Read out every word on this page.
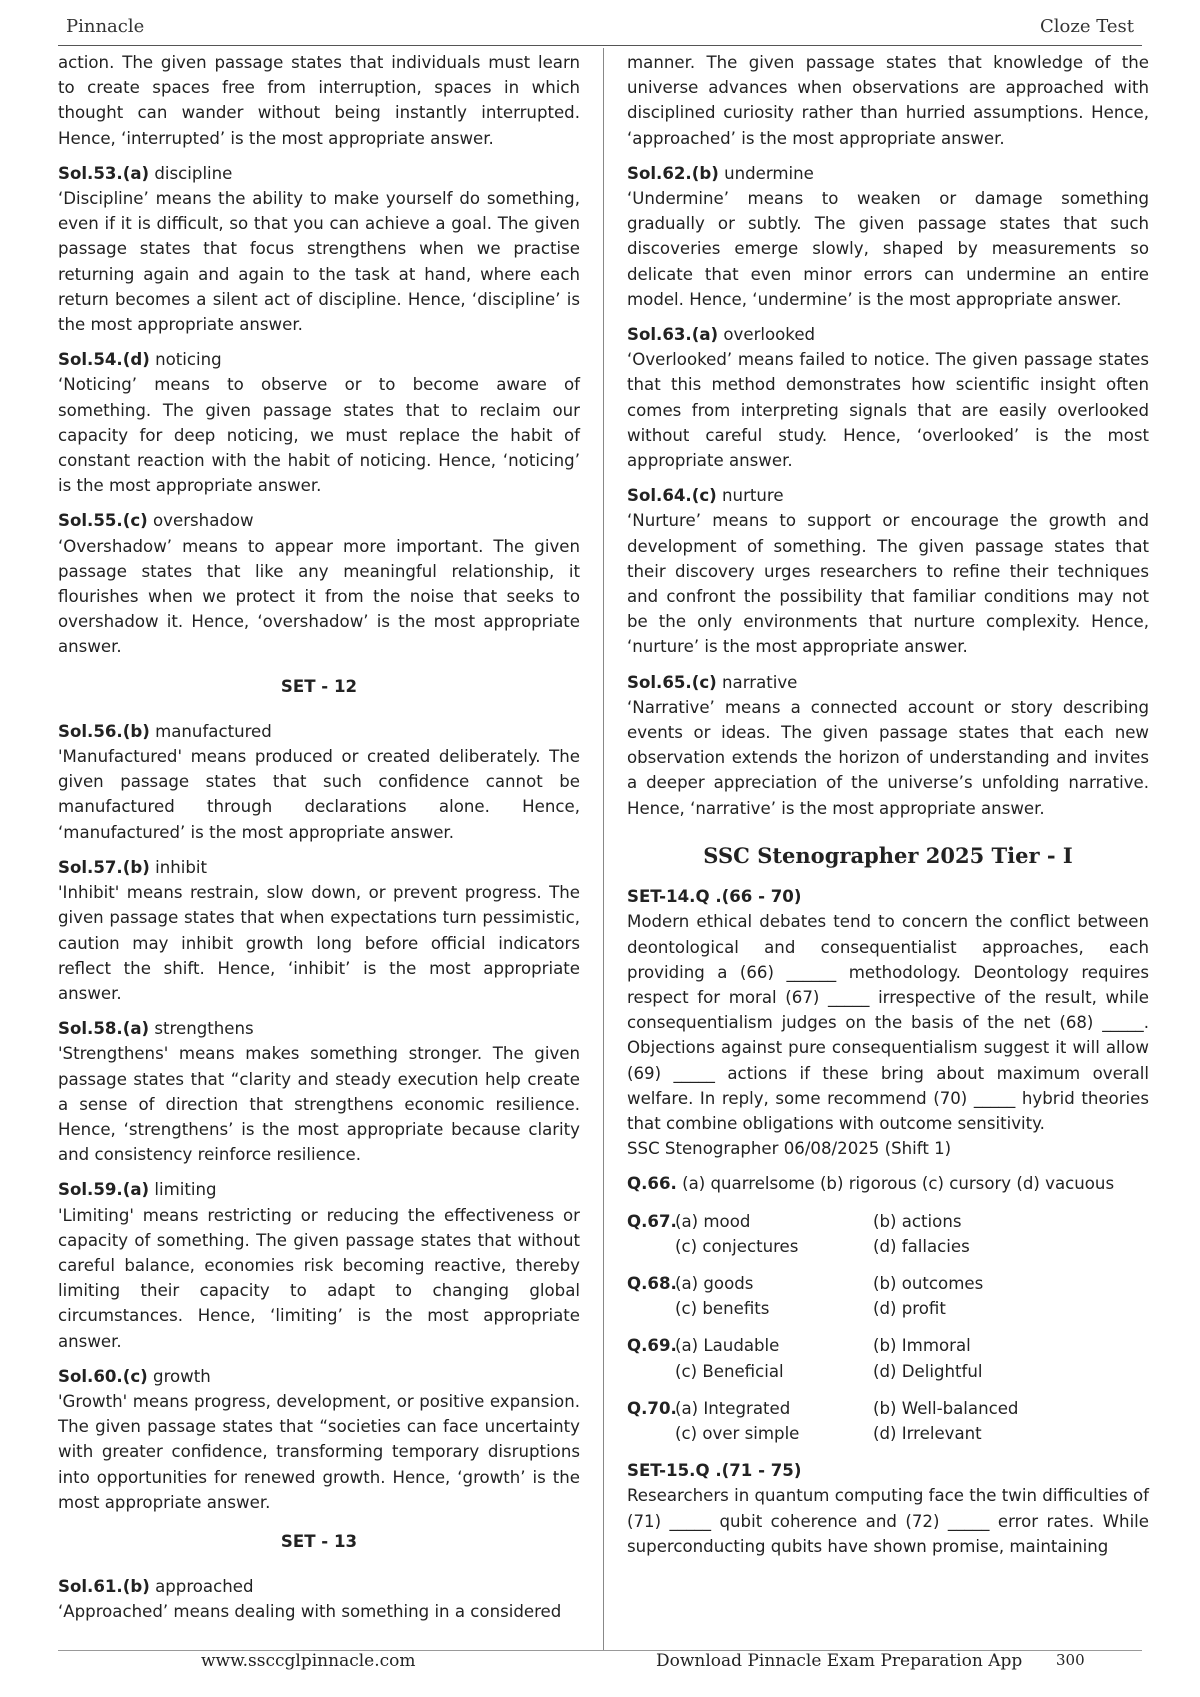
Pinnacle	Cloze Test
action. The given passage states that individuals must learn to create spaces free from interruption, spaces in which thought can wander without being instantly interrupted. Hence, ‘interrupted’ is the most appropriate answer.
Sol.53.(a) discipline
‘Discipline’ means the ability to make yourself do something, even if it is difficult, so that you can achieve a goal. The given passage states that focus strengthens when we practise returning again and again to the task at hand, where each return becomes a silent act of discipline. Hence, ‘discipline’ is the most appropriate answer.
Sol.54.(d) noticing
‘Noticing’ means to observe or to become aware of something. The given passage states that to reclaim our capacity for deep noticing, we must replace the habit of constant reaction with the habit of noticing. Hence, ‘noticing’ is the most appropriate answer.
Sol.55.(c) overshadow
‘Overshadow’ means to appear more important. The given passage states that like any meaningful relationship, it flourishes when we protect it from the noise that seeks to overshadow it. Hence, ‘overshadow’ is the most appropriate answer.
SET - 12
Sol.56.(b) manufactured
'Manufactured' means produced or created deliberately. The given passage states that such confidence cannot be manufactured through declarations alone. Hence, ‘manufactured’ is the most appropriate answer.
Sol.57.(b) inhibit
'Inhibit' means restrain, slow down, or prevent progress. The given passage states that when expectations turn pessimistic, caution may inhibit growth long before official indicators reflect the shift. Hence, ‘inhibit’ is the most appropriate answer.
Sol.58.(a) strengthens
'Strengthens' means makes something stronger. The given passage states that “clarity and steady execution help create a sense of direction that strengthens economic resilience. Hence, ‘strengthens’ is the most appropriate because clarity and consistency reinforce resilience.
Sol.59.(a) limiting
'Limiting' means restricting or reducing the effectiveness or capacity of something. The given passage states that without careful balance, economies risk becoming reactive, thereby limiting their capacity to adapt to changing global circumstances. Hence, ‘limiting’ is the most appropriate answer.
Sol.60.(c) growth
'Growth' means progress, development, or positive expansion. The given passage states that “societies can face uncertainty with greater confidence, transforming temporary disruptions into opportunities for renewed growth. Hence, ‘growth’ is the most appropriate answer.
SET - 13
Sol.61.(b) approached
‘Approached’ means dealing with something in a considered
manner. The given passage states that knowledge of the universe advances when observations are approached with disciplined curiosity rather than hurried assumptions. Hence, ‘approached’ is the most appropriate answer.
Sol.62.(b) undermine
‘Undermine’ means to weaken or damage something gradually or subtly. The given passage states that such discoveries emerge slowly, shaped by measurements so delicate that even minor errors can undermine an entire model. Hence, ‘undermine’ is the most appropriate answer.
Sol.63.(a) overlooked
‘Overlooked’ means failed to notice. The given passage states that this method demonstrates how scientific insight often comes from interpreting signals that are easily overlooked without careful study. Hence, ‘overlooked’ is the most appropriate answer.
Sol.64.(c) nurture
‘Nurture’ means to support or encourage the growth and development of something. The given passage states that their discovery urges researchers to refine their techniques and confront the possibility that familiar conditions may not be the only environments that nurture complexity. Hence, ‘nurture’ is the most appropriate answer.
Sol.65.(c) narrative
‘Narrative’ means a connected account or story describing events or ideas. The given passage states that each new observation extends the horizon of understanding and invites a deeper appreciation of the universe’s unfolding narrative. Hence, ‘narrative’ is the most appropriate answer.
SSC Stenographer 2025 Tier - I
SET-14.Q .(66 - 70)
Modern ethical debates tend to concern the conflict between deontological and consequentialist approaches, each providing a (66) ______ methodology. Deontology requires respect for moral (67) _____ irrespective of the result, while consequentialism judges on the basis of the net (68) _____. Objections against pure consequentialism suggest it will allow (69) _____ actions if these bring about maximum overall welfare. In reply, some recommend (70) _____ hybrid theories that combine obligations with outcome sensitivity.
SSC Stenographer 06/08/2025 (Shift 1)
Q.66. (a) quarrelsome (b) rigorous (c) cursory (d) vacuous
Q.67.(a) mood	(b) actions
(c) conjectures	(d) fallacies
Q.68.(a) goods	(b) outcomes
(c) benefits	(d) profit
Q.69.(a) Laudable	(b) Immoral
(c) Beneficial	(d) Delightful
Q.70.(a) Integrated	(b) Well-balanced
(c) over simple	(d) Irrelevant
SET-15.Q .(71 - 75)
Researchers in quantum computing face the twin difficulties of (71) _____ qubit coherence and (72) _____ error rates. While superconducting qubits have shown promise, maintaining
www.ssccglpinnacle.com	Download Pinnacle Exam Preparation App 300
